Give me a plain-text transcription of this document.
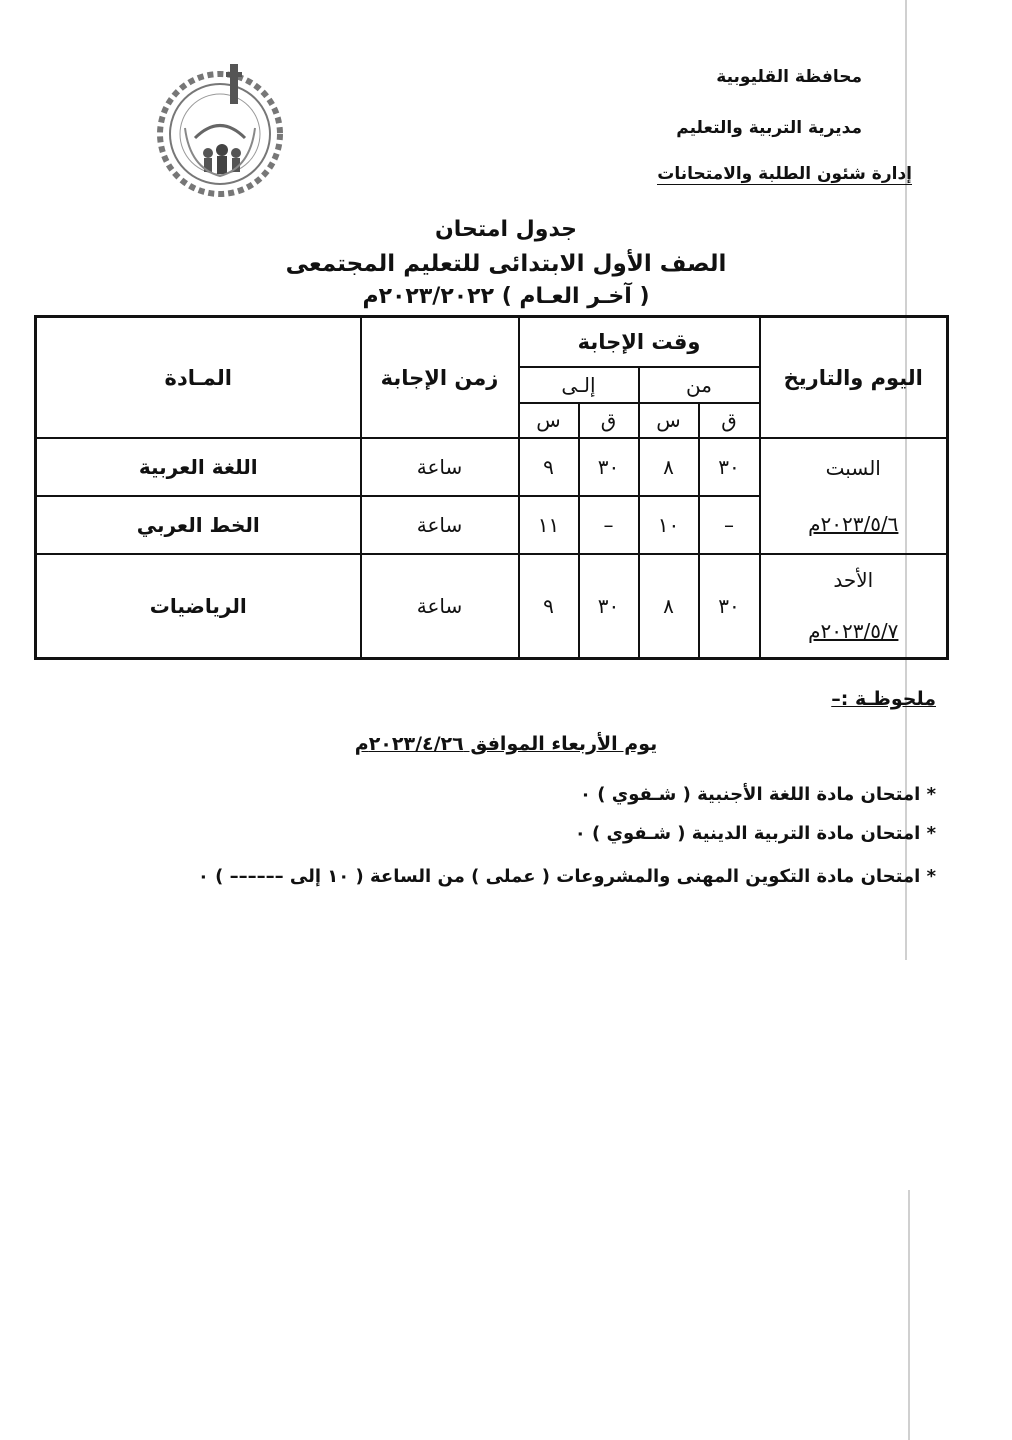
محافظة القليوبية
مديرية التربية والتعليم
إدارة شئون الطلبة والامتحانات
جدول امتحان
الصف الأول الابتدائى للتعليم المجتمعى
( آخـر العـام ) ٢٠٢٣/٢٠٢٢م
اليوم والتاريخ	وقت الإجابة				زمن الإجابة	المـادة
	من		إلـى			
	ق	س	ق	س		

السبت
٢٠٢٣/٥/٦م	٣٠	٨	٣٠	٩	ساعة	اللغة العربية
	–	١٠	–	١١	ساعة	الخط العربي

الأحد
٢٠٢٣/٥/٧م	٣٠	٨	٣٠	٩	ساعة	الرياضيات
ملحوظـة :–
يوم الأربعاء الموافق ٢٠٢٣/٤/٢٦م
* امتحان مادة اللغة الأجنبية ( شـفوي ) ٠
* امتحان مادة التربية الدينية ( شـفوي ) ٠
* امتحان مادة التكوين المهنى والمشروعات ( عملى ) من الساعة ( ١٠ إلى –––––– ) ٠
